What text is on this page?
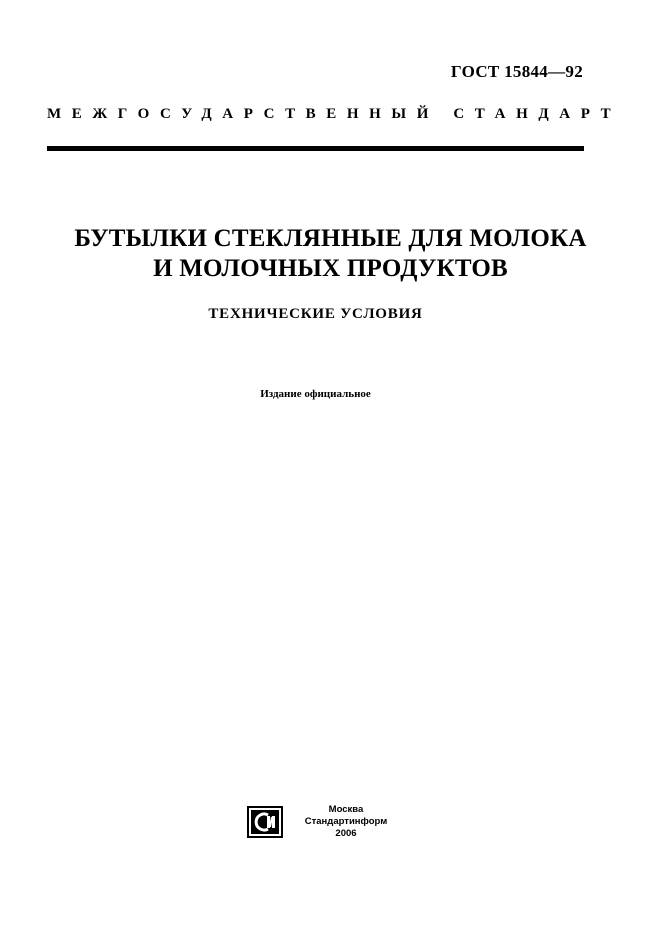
ГОСТ 15844—92
МЕЖГОСУДАРСТВЕННЫЙ СТАНДАРТ
БУТЫЛКИ СТЕКЛЯННЫЕ ДЛЯ МОЛОКА
И МОЛОЧНЫХ ПРОДУКТОВ
ТЕХНИЧЕСКИЕ УСЛОВИЯ
Издание официальное
Москва
Стандартинформ
2006
